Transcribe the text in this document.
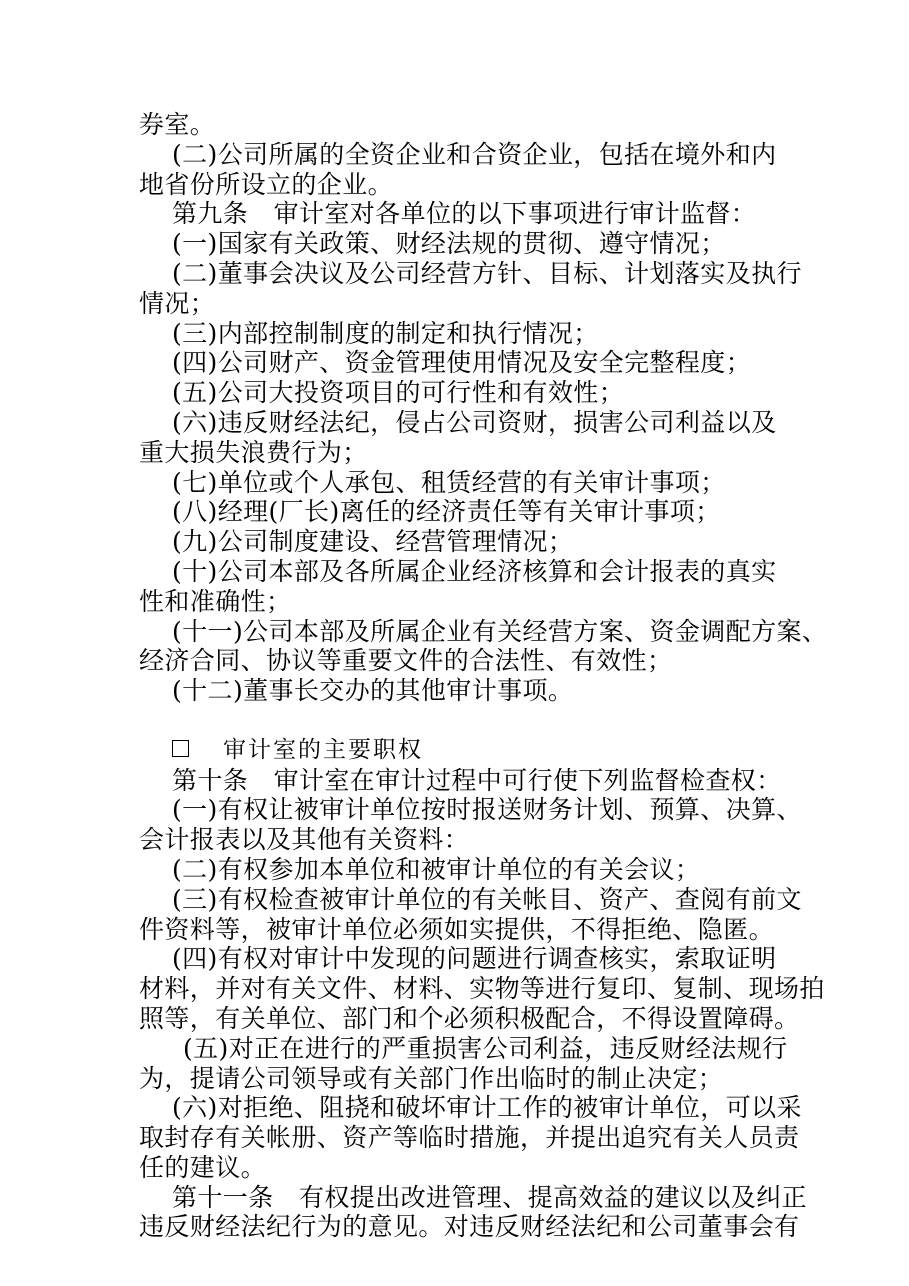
券室。
(二)公司所属的全资企业和合资企业，包括在境外和内
地省份所设立的企业。
第九条　审计室对各单位的以下事项进行审计监督：
(一)国家有关政策、财经法规的贯彻、遵守情况；
(二)董事会决议及公司经营方针、目标、计划落实及执行
情况；
(三)内部控制制度的制定和执行情况；
(四)公司财产、资金管理使用情况及安全完整程度；
(五)公司大投资项目的可行性和有效性；
(六)违反财经法纪，侵占公司资财，损害公司利益以及
重大损失浪费行为；
(七)单位或个人承包、租赁经营的有关审计事项；
(八)经理(厂长)离任的经济责任等有关审计事项；
(九)公司制度建设、经营管理情况；
(十)公司本部及各所属企业经济核算和会计报表的真实
性和准确性；
(十一)公司本部及所属企业有关经营方案、资金调配方案、
经济合同、协议等重要文件的合法性、有效性；
(十二)董事长交办的其他审计事项。
审计室的主要职权
第十条　审计室在审计过程中可行使下列监督检查权：
(一)有权让被审计单位按时报送财务计划、预算、决算、
会计报表以及其他有关资料：
(二)有权参加本单位和被审计单位的有关会议；
(三)有权检查被审计单位的有关帐目、资产、查阅有前文
件资料等，被审计单位必须如实提供，不得拒绝、隐匿。
(四)有权对审计中发现的问题进行调查核实，索取证明
材料，并对有关文件、材料、实物等进行复印、复制、现场拍
照等，有关单位、部门和个必须积极配合，不得设置障碍。
(五)对正在进行的严重损害公司利益，违反财经法规行
为，提请公司领导或有关部门作出临时的制止决定；
(六)对拒绝、阻挠和破坏审计工作的被审计单位，可以采
取封存有关帐册、资产等临时措施，并提出追究有关人员责
任的建议。
第十一条　有权提出改进管理、提高效益的建议以及纠正
违反财经法纪行为的意见。对违反财经法纪和公司董事会有
